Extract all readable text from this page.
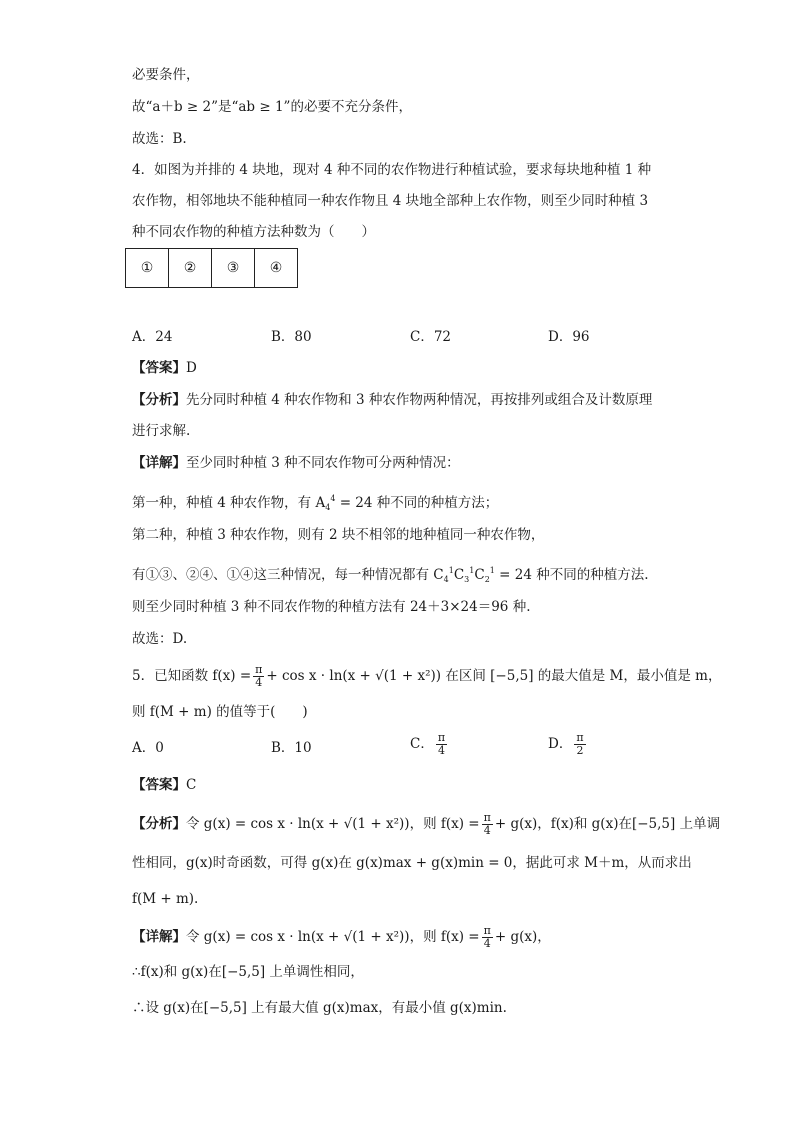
必要条件，
故“a＋b ≥ 2”是“ab ≥ 1”的必要不充分条件，
故选：B.
4．如图为并排的 4 块地，现对 4 种不同的农作物进行种植试验，要求每块地种植 1 种
农作物，相邻地块不能种植同一种农作物且 4 块地全部种上农作物，则至少同时种植 3
种不同农作物的种植方法种数为（　　）
①	②	③	④
A．24	B．80	C．72	D．96
【答案】D
【分析】先分同时种植 4 种农作物和 3 种农作物两种情况，再按排列或组合及计数原理
进行求解.
【详解】至少同时种植 3 种不同农作物可分两种情况：
第一种，种植 4 种农作物，有 $A_4^4 = 24$ 种不同的种植方法；
第二种，种植 3 种农作物，则有 2 块不相邻的地种植同一种农作物，
有①③、②④、①④这三种情况，每一种情况都有 $C_4^1C_3^1C_2^1 = 24$ 种不同的种植方法.
则至少同时种植 3 种不同农作物的种植方法有 24＋3×24＝96 种.
故选：D.
5．已知函数 $f(x) = \frac{\pi}{4} + \cos x \cdot \ln(x + √(1 + x^2))$ 在区间 [−5,5] 的最大值是 M，最小值是 m，
则 f(M + m) 的值等于(　　)
A．0	B．10	C． $\frac{\pi}{4}$	D． $\frac{\pi}{2}$
【答案】C
【分析】令 g(x) = cos x · ln(x + √(1 + x²))，则 $f(x) = \frac{\pi}{4} + g(x)$，f(x)和 g(x)在[−5,5] 上单调
性相同，g(x)时奇函数，可得 g(x)在 g(x)max + g(x)min = 0，据此可求 M＋m，从而求出
f(M + m).
【详解】令 g(x) = cos x · ln(x + √(1 + x²))，则 $f(x) = \frac{\pi}{4} + g(x)$，
∴f(x)和 g(x)在[−5,5] 上单调性相同，
∴设 g(x)在[−5,5] 上有最大值 g(x)max，有最小值 g(x)min.
